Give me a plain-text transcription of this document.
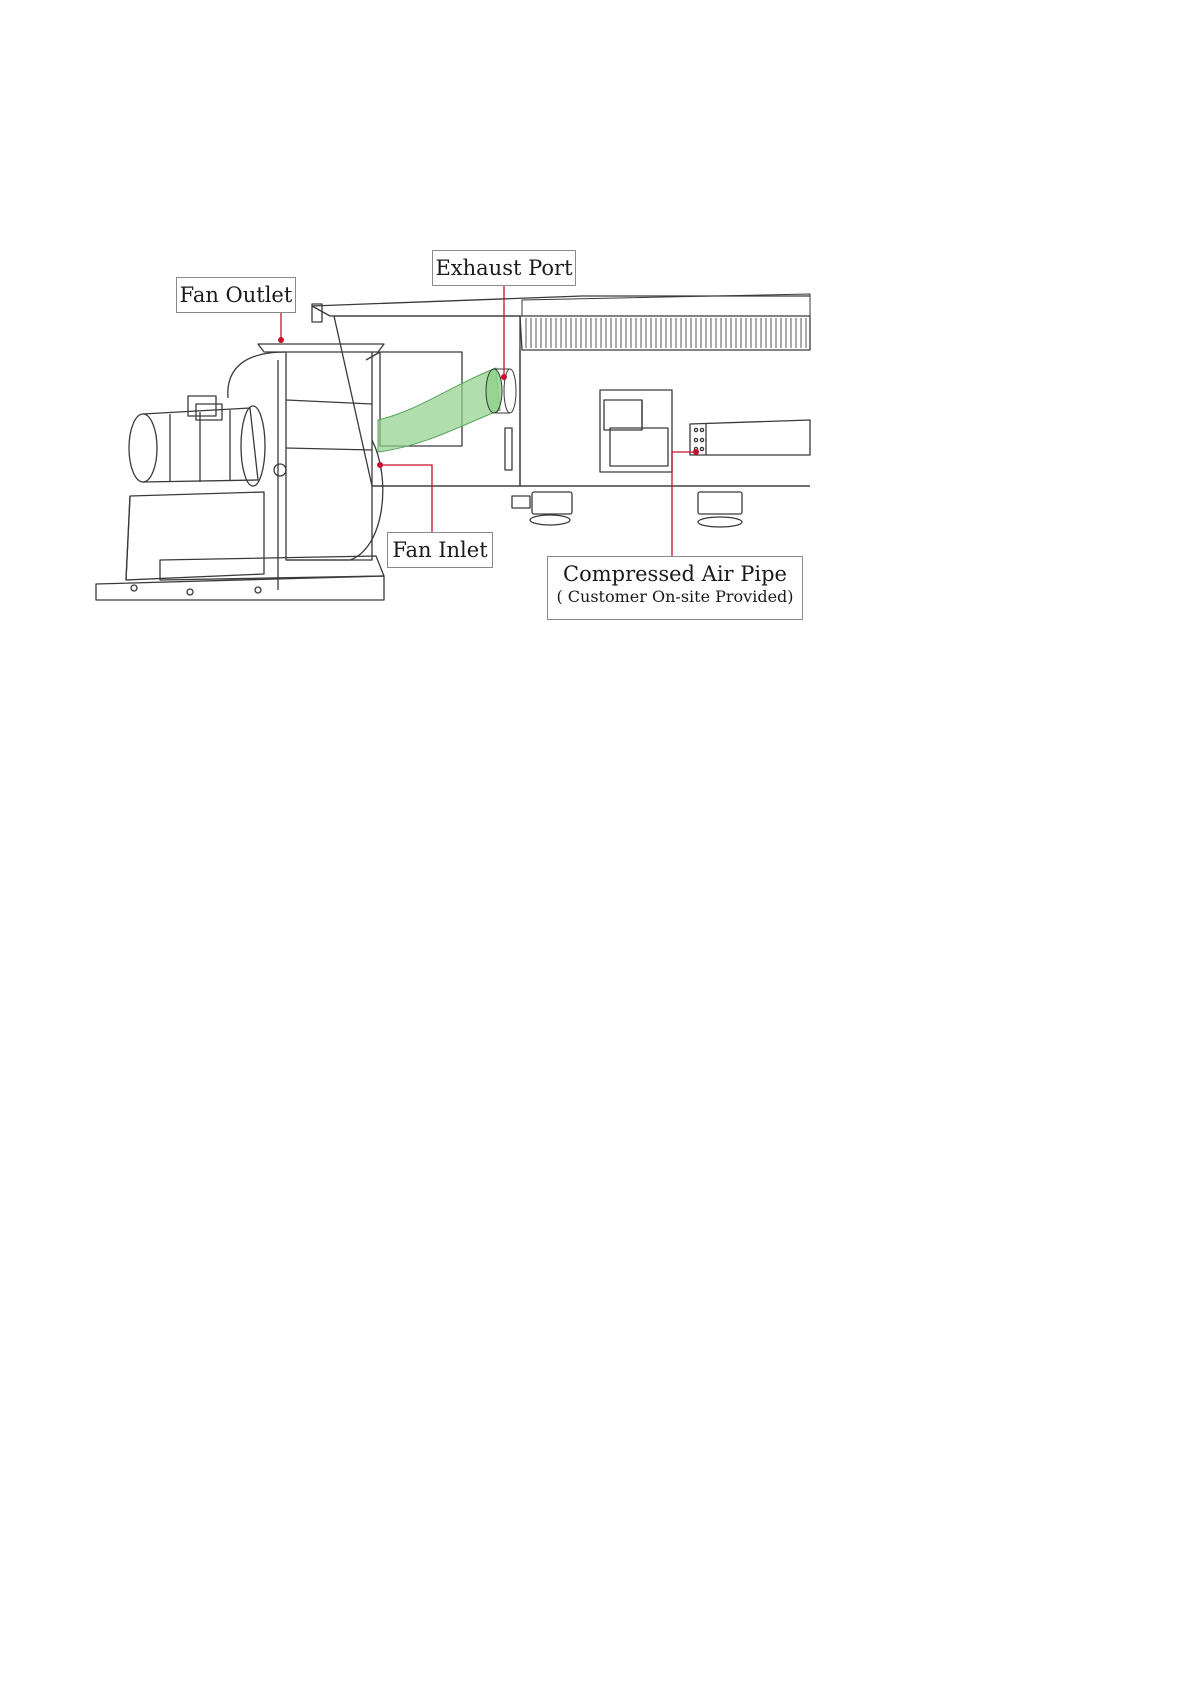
Fan Outlet
Exhaust Port
Fan Inlet
Compressed Air Pipe
( Customer On-site Provided)
